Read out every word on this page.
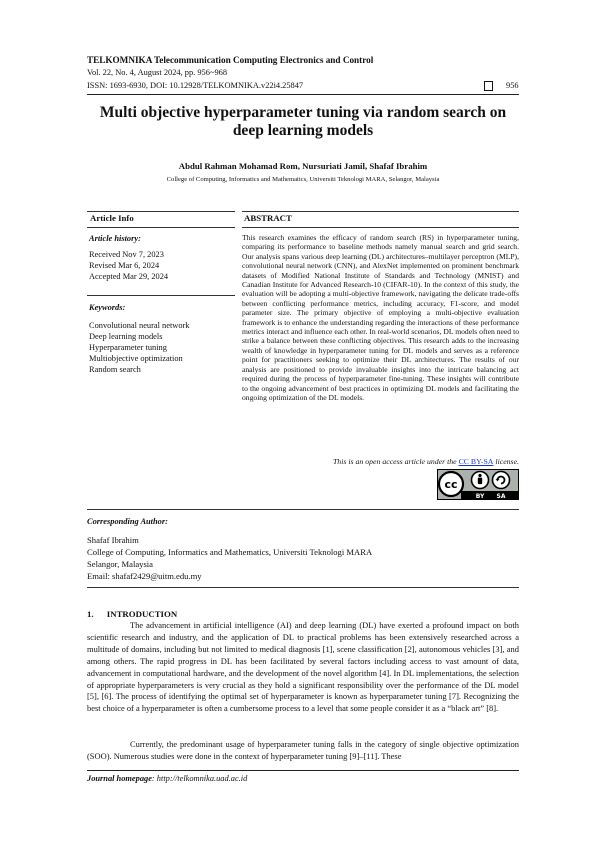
TELKOMNIKA Telecommunication Computing Electronics and Control
Vol. 22, No. 4, August 2024, pp. 956~968
ISSN: 1693-6930, DOI: 10.12928/TELKOMNIKA.v22i4.25847	956
Multi objective hyperparameter tuning via random search on
deep learning models
Abdul Rahman Mohamad Rom, Nursuriati Jamil, Shafaf Ibrahim
College of Computing, Informatics and Mathematics, Universiti Teknologi MARA, Selangor, Malaysia
Article Info	ABSTRACT
Article history:
Received Nov 7, 2023
Revised Mar 6, 2024
Accepted Mar 29, 2024
Keywords:
Convolutional neural network
Deep learning models
Hyperparameter tuning
Multiobjective optimization
Random search
This research examines the efficacy of random search (RS) in hyperparameter tuning, comparing its performance to baseline methods namely manual search and grid search. Our analysis spans various deep learning (DL) architectures–multilayer perceptron (MLP), convolutional neural network (CNN), and AlexNet implemented on prominent benchmark datasets of Modified National Institute of Standards and Technology (MNIST) and Canadian Institute for Advanced Research-10 (CIFAR-10). In the context of this study, the evaluation will be adopting a multi-objective framework, navigating the delicate trade-offs between conflicting performance metrics, including accuracy, F1-score, and model parameter size. The primary objective of employing a multi-objective evaluation framework is to enhance the understanding regarding the interactions of these performance metrics interact and influence each other. In real-world scenarios, DL models often need to strike a balance between these conflicting objectives. This research adds to the increasing wealth of knowledge in hyperparameter tuning for DL models and serves as a reference point for practitioners seeking to optimize their DL architectures. The results of our analysis are positioned to provide invaluable insights into the intricate balancing act required during the process of hyperparameter fine-tuning. These insights will contribute to the ongoing advancement of best practices in optimizing DL models and facilitating the ongoing optimization of the DL models.
This is an open access article under the CC BY-SA license.
cc
BY SA
Corresponding Author:
Shafaf Ibrahim
College of Computing, Informatics and Mathematics, Universiti Teknologi MARA
Selangor, Malaysia
Email: shafaf2429@uitm.edu.my
1.      INTRODUCTION
The advancement in artificial intelligence (AI) and deep learning (DL) have exerted a profound impact on both scientific research and industry, and the application of DL to practical problems has been extensively researched across a multitude of domains, including but not limited to medical diagnosis [1], scene classification [2], autonomous vehicles [3], and among others. The rapid progress in DL has been facilitated by several factors including access to vast amount of data, advancement in computational hardware, and the development of the novel algorithm [4]. In DL implementations, the selection of appropriate hyperparameters is very crucial as they hold a significant responsibility over the performance of the DL model [5], [6]. The process of identifying the optimal set of hyperparameter is known as hyperparameter tuning [7]. Recognizing the best choice of a hyperparameter is often a cumbersome process to a level that some people consider it as a “black art” [8].
Currently, the predominant usage of hyperparameter tuning falls in the category of single objective optimization (SOO). Numerous studies were done in the context of hyperparameter tuning [9]–[11]. These
Journal homepage: http://telkomnika.uad.ac.id
